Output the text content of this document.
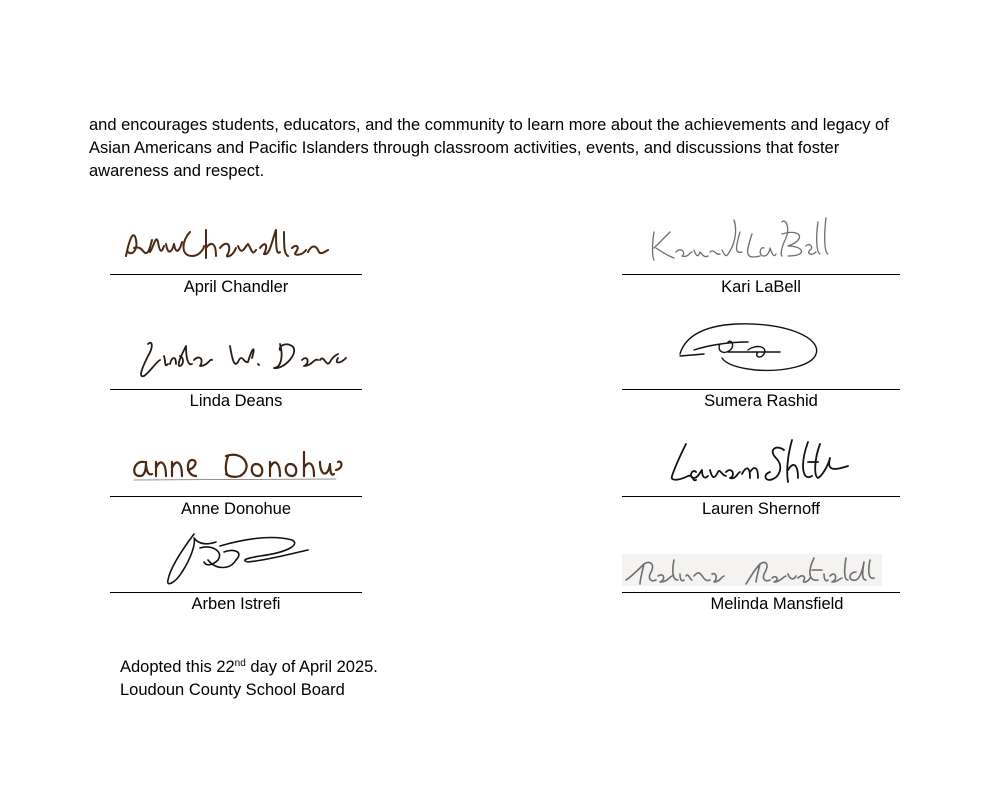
and encourages students, educators, and the community to learn more about the achievements and legacy of Asian Americans and Pacific Islanders through classroom activities, events, and discussions that foster awareness and respect.

April Chandler
Linda Deans
Anne Donohue
Arben Istrefi
Kari LaBell
Sumera Rashid
Lauren Shernoff
Melinda Mansfield
Adopted this 22nd day of April 2025.
Loudoun County School Board
